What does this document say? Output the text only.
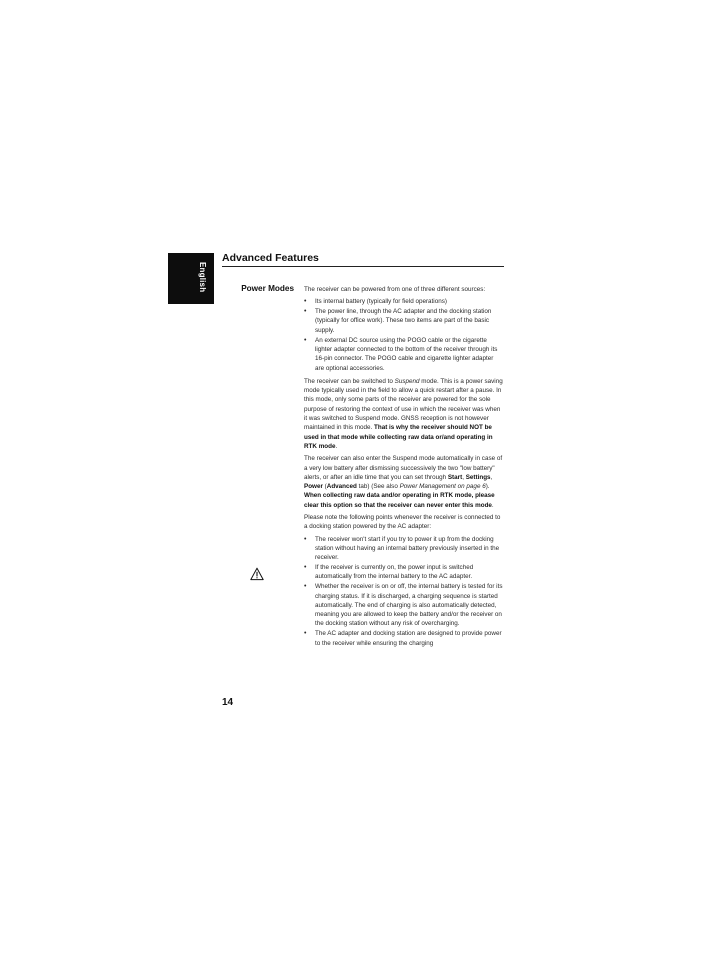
English
Advanced Features
Power Modes The receiver can be powered from one of three different sources:

• Its internal battery (typically for field operations)
• The power line, through the AC adapter and the docking station (typically for office work). These two items are part of the basic supply.
• An external DC source using the POGO cable or the cigarette lighter adapter connected to the bottom of the receiver through its 16-pin connector. The POGO cable and cigarette lighter adapter are optional accessories.

The receiver can be switched to Suspend mode. This is a power saving mode typically used in the field to allow a quick restart after a pause. In this mode, only some parts of the receiver are powered for the sole purpose of restoring the context of use in which the receiver was when it was switched to Suspend mode. GNSS reception is not however maintained in this mode. That is why the receiver should NOT be used in that mode while collecting raw data or/and operating in RTK mode.

The receiver can also enter the Suspend mode automatically in case of a very low battery after dismissing successively the two "low battery" alerts, or after an idle time that you can set through Start, Settings, Power (Advanced tab) (See also Power Management on page 6). When collecting raw data and/or operating in RTK mode, please clear this option so that the receiver can never enter this mode.

Please note the following points whenever the receiver is connected to a docking station powered by the AC adapter:

• The receiver won't start if you try to power it up from the docking station without having an internal battery previously inserted in the receiver.
• If the receiver is currently on, the power input is switched automatically from the internal battery to the AC adapter.
• Whether the receiver is on or off, the internal battery is tested for its charging status. If it is discharged, a charging sequence is started automatically. The end of charging is also automatically detected, meaning you are allowed to keep the battery and/or the receiver on the docking station without any risk of overcharging.
• The AC adapter and docking station are designed to provide power to the receiver while ensuring the charging
14
